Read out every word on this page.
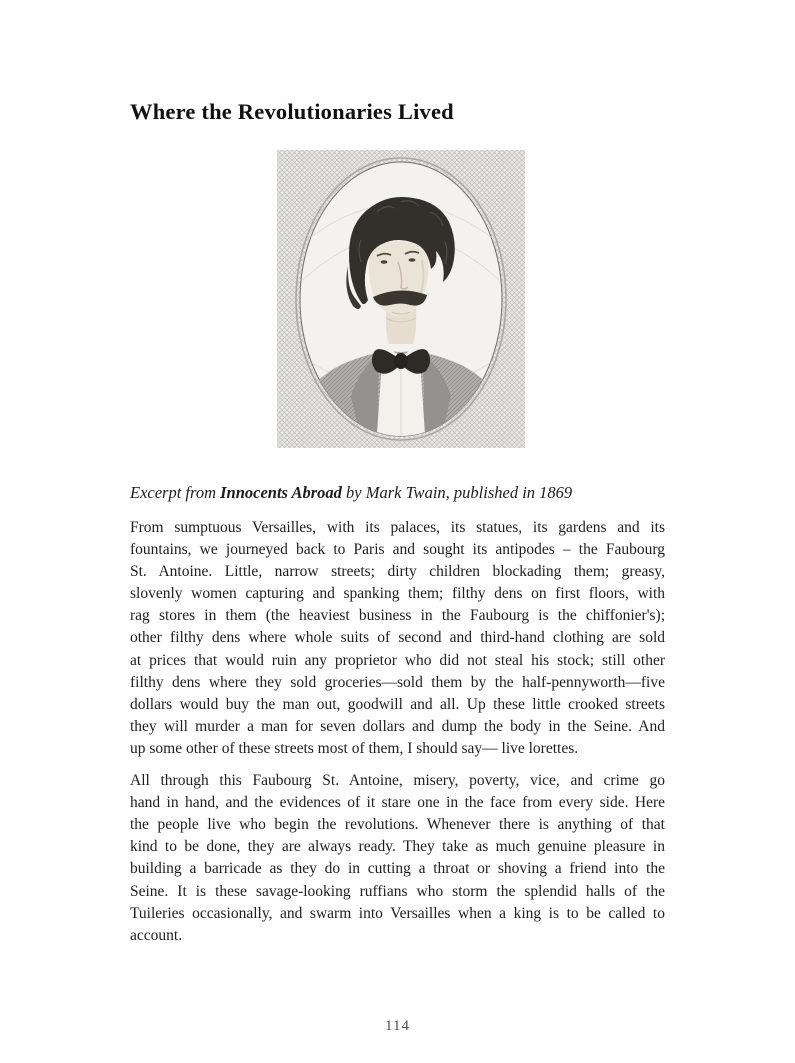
Where the Revolutionaries Lived

Excerpt from Innocents Abroad by Mark Twain, published in 1869

From sumptuous Versailles, with its palaces, its statues, its gardens and its
fountains, we journeyed back to Paris and sought its antipodes – the Faubourg
St. Antoine. Little, narrow streets; dirty children blockading them; greasy,
slovenly women capturing and spanking them; filthy dens on first floors, with
rag stores in them (the heaviest business in the Faubourg is the chiffonier's);
other filthy dens where whole suits of second and third-hand clothing are sold
at prices that would ruin any proprietor who did not steal his stock; still other
filthy dens where they sold groceries—sold them by the half-pennyworth—five
dollars would buy the man out, goodwill and all. Up these little crooked streets
they will murder a man for seven dollars and dump the body in the Seine. And
up some other of these streets most of them, I should say— live lorettes.
All through this Faubourg St. Antoine, misery, poverty, vice, and crime go
hand in hand, and the evidences of it stare one in the face from every side. Here
the people live who begin the revolutions. Whenever there is anything of that
kind to be done, they are always ready. They take as much genuine pleasure in
building a barricade as they do in cutting a throat or shoving a friend into the
Seine. It is these savage-looking ruffians who storm the splendid halls of the
Tuileries occasionally, and swarm into Versailles when a king is to be called to
account.
114
